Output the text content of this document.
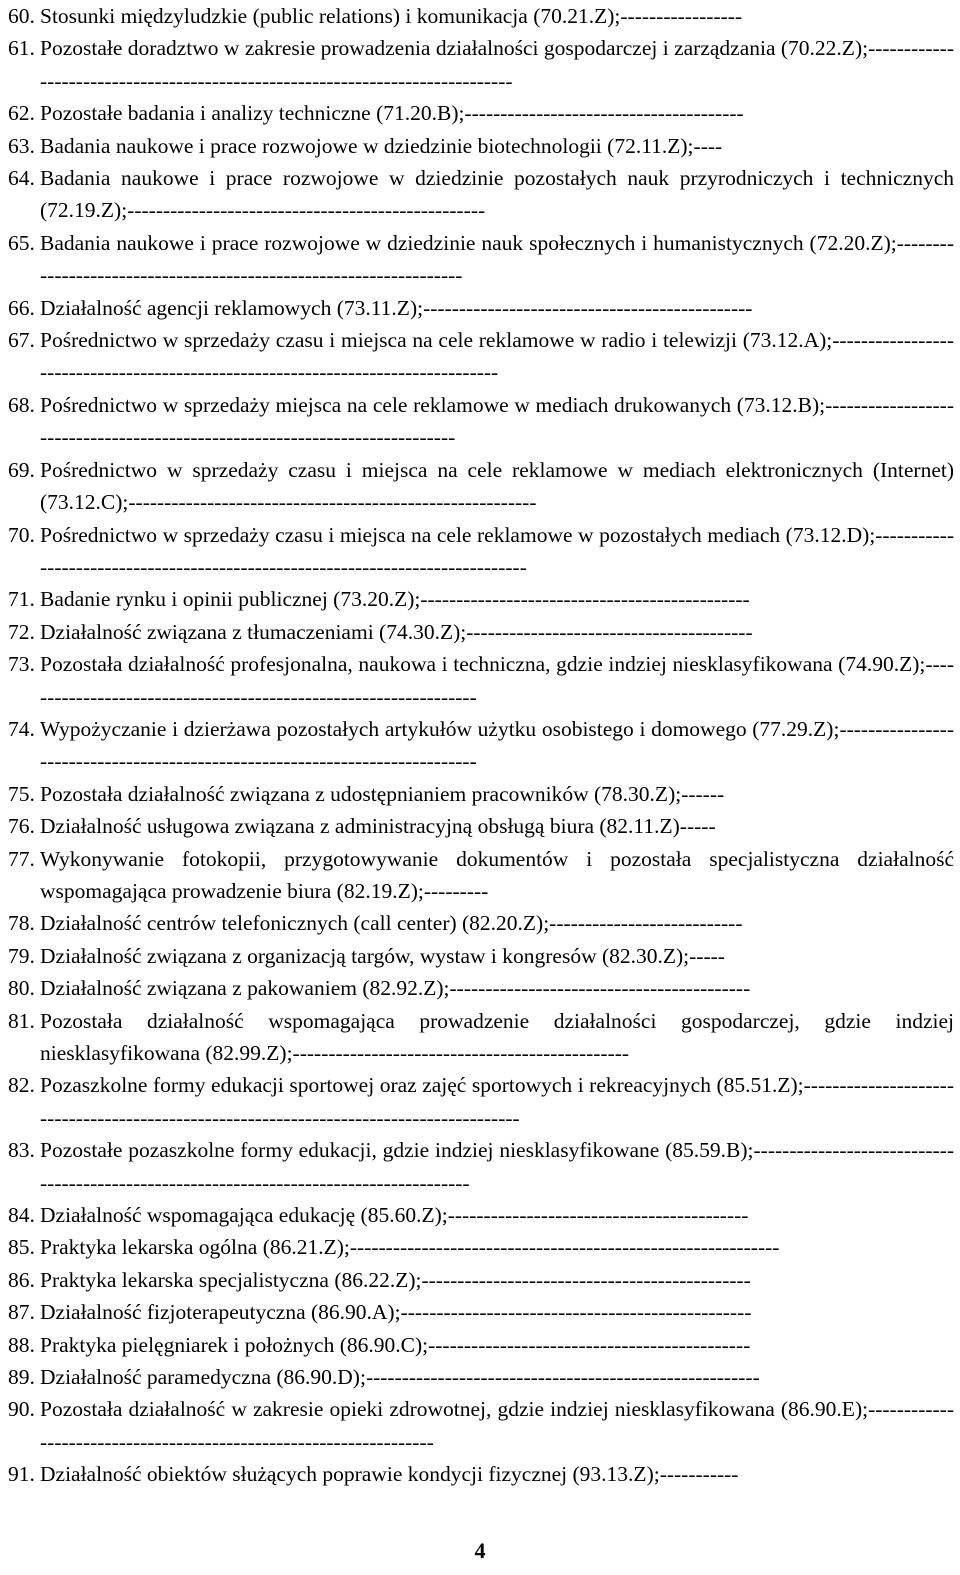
60. Stosunki międzyludzkie (public relations) i komunikacja (70.21.Z);-----------------
61. Pozostałe doradztwo w zakresie prowadzenia działalności gospodarczej i zarządzania (70.22.Z);------------------------------------------------------------------------------
62. Pozostałe badania i analizy techniczne (71.20.B);---------------------------------------
63. Badania naukowe i prace rozwojowe w dziedzinie biotechnologii (72.11.Z);----
64. Badania naukowe i prace rozwojowe w dziedzinie pozostałych nauk przyrodniczych i technicznych (72.19.Z);--------------------------------------------------
65. Badania naukowe i prace rozwojowe w dziedzinie nauk społecznych i humanistycznych (72.20.Z);-------------------------------------------------------------------
66. Działalność agencji reklamowych (73.11.Z);----------------------------------------------
67. Pośrednictwo w sprzedaży czasu i miejsca na cele reklamowe w radio i telewizji (73.12.A);---------------------------------------------------------------------------------
68. Pośrednictwo w sprzedaży miejsca na cele reklamowe w mediach drukowanych (73.12.B);----------------------------------------------------------------------------
69. Pośrednictwo w sprzedaży czasu i miejsca na cele reklamowe w mediach elektronicznych (Internet) (73.12.C);---------------------------------------------------------
70. Pośrednictwo w sprzedaży czasu i miejsca na cele reklamowe w pozostałych mediach (73.12.D);-------------------------------------------------------------------------------
71. Badanie rynku i opinii publicznej (73.20.Z);----------------------------------------------
72. Działalność związana z tłumaczeniami (74.30.Z);----------------------------------------
73. Pozostała działalność profesjonalna, naukowa i techniczna, gdzie indziej niesklasyfikowana (74.90.Z);-----------------------------------------------------------------
74. Wypożyczanie i dzierżawa pozostałych artykułów użytku osobistego i domowego (77.29.Z);-----------------------------------------------------------------------------
75. Pozostała działalność związana z udostępnianiem pracowników (78.30.Z);------
76. Działalność usługowa związana z administracyjną obsługą biura (82.11.Z)-----
77. Wykonywanie fotokopii, przygotowywanie dokumentów i pozostała specjalistyczna działalność wspomagająca prowadzenie biura (82.19.Z);---------
78. Działalność centrów telefonicznych (call center) (82.20.Z);---------------------------
79. Działalność związana z organizacją targów, wystaw i kongresów (82.30.Z);-----
80. Działalność związana z pakowaniem (82.92.Z);------------------------------------------
81. Pozostała działalność wspomagająca prowadzenie działalności gospodarczej, gdzie indziej niesklasyfikowana (82.99.Z);-----------------------------------------------
82. Pozaszkolne formy edukacji sportowej oraz zajęć sportowych i rekreacyjnych (85.51.Z);----------------------------------------------------------------------------------------
83. Pozostałe pozaszkolne formy edukacji, gdzie indziej niesklasyfikowane (85.59.B);----------------------------------------------------------------------------------------
84. Działalność wspomagająca edukację (85.60.Z);------------------------------------------
85. Praktyka lekarska ogólna (86.21.Z);------------------------------------------------------------
86. Praktyka lekarska specjalistyczna (86.22.Z);----------------------------------------------
87. Działalność fizjoterapeutyczna (86.90.A);-------------------------------------------------
88. Praktyka pielęgniarek i położnych (86.90.C);---------------------------------------------
89. Działalność paramedyczna (86.90.D);-------------------------------------------------------
90. Pozostała działalność w zakresie opieki zdrowotnej, gdzie indziej niesklasyfikowana (86.90.E);-------------------------------------------------------------------
91. Działalność obiektów służących poprawie kondycji fizycznej (93.13.Z);-----------
4
